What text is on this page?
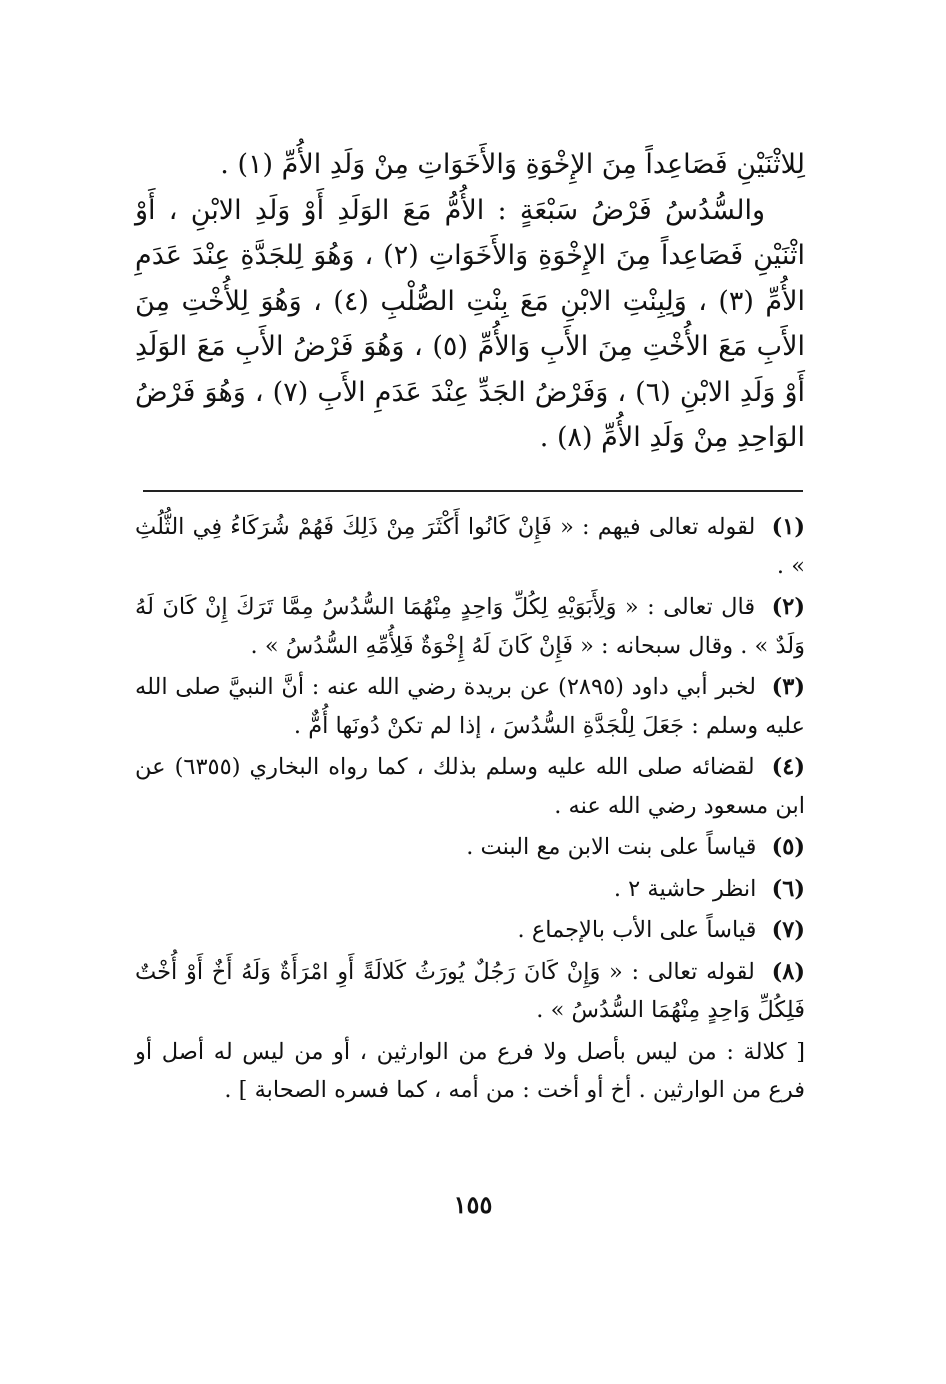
لِلاثْنَيْنِ فَصَاعِداً مِنَ الإِخْوَةِ وَالأَخَوَاتِ مِنْ وَلَدِ الأُمِّ (١) .

والسُّدُسُ فَرْضُ سَبْعَةٍ : الأُمُّ مَعَ الوَلَدِ أَوْ وَلَدِ الابْنِ ، أَوْ اثْنَيْنِ فَصَاعِداً مِنَ الإِخْوَةِ وَالأَخَوَاتِ (٢) ، وَهُوَ لِلجَدَّةِ عِنْدَ عَدَمِ الأُمِّ (٣) ، وَلِبِنْتِ الابْنِ مَعَ بِنْتِ الصُّلْبِ (٤) ، وَهُوَ لِلأُخْتِ مِنَ الأَبِ مَعَ الأُخْتِ مِنَ الأَبِ وَالأُمِّ (٥) ، وَهُوَ فَرْضُ الأَبِ مَعَ الوَلَدِ أَوْ وَلَدِ الابْنِ (٦) ، وَفَرْضُ الجَدِّ عِنْدَ عَدَمِ الأَبِ (٧) ، وَهُوَ فَرْضُ الوَاحِدِ مِنْ وَلَدِ الأُمِّ (٨) .

(١) لقوله تعالى فيهم : « فَإِنْ كَانُوا أَكْثَرَ مِنْ ذَلِكَ فَهُمْ شُرَكَاءُ فِي الثُّلُثِ » .

(٢) قال تعالى : « وَلِأَبَوَيْهِ لِكُلِّ وَاحِدٍ مِنْهُمَا السُّدُسُ مِمَّا تَرَكَ إِنْ كَانَ لَهُ وَلَدٌ » . وقال سبحانه : « فَإِنْ كَانَ لَهُ إِخْوَةٌ فَلِأُمِّهِ السُّدُسُ » .

(٣) لخبر أبي داود (٢٨٩٥) عن بريدة رضي الله عنه : أنَّ النبيَّ صلى الله عليه وسلم : جَعَلَ لِلْجَدَّةِ السُّدُسَ ، إذا لم تكنْ دُونَها أُمٌّ .

(٤) لقضائه صلى الله عليه وسلم بذلك ، كما رواه البخاري (٦٣٥٥) عن ابن مسعود رضي الله عنه .

(٥) قياساً على بنت الابن مع البنت .

(٦) انظر حاشية ٢ .

(٧) قياساً على الأب بالإجماع .

(٨) لقوله تعالى : « وَإِنْ كَانَ رَجُلٌ يُورَثُ كَلالَةً أَوِ امْرَأَةٌ وَلَهُ أَخٌ أَوْ أُخْتٌ فَلِكُلِّ وَاحِدٍ مِنْهُمَا السُّدُسُ » .

[ كلالة : من ليس بأصل ولا فرع من الوارثين ، أو من ليس له أصل أو فرع من الوارثين . أخ أو أخت : من أمه ، كما فسره الصحابة ] .

١٥٥
